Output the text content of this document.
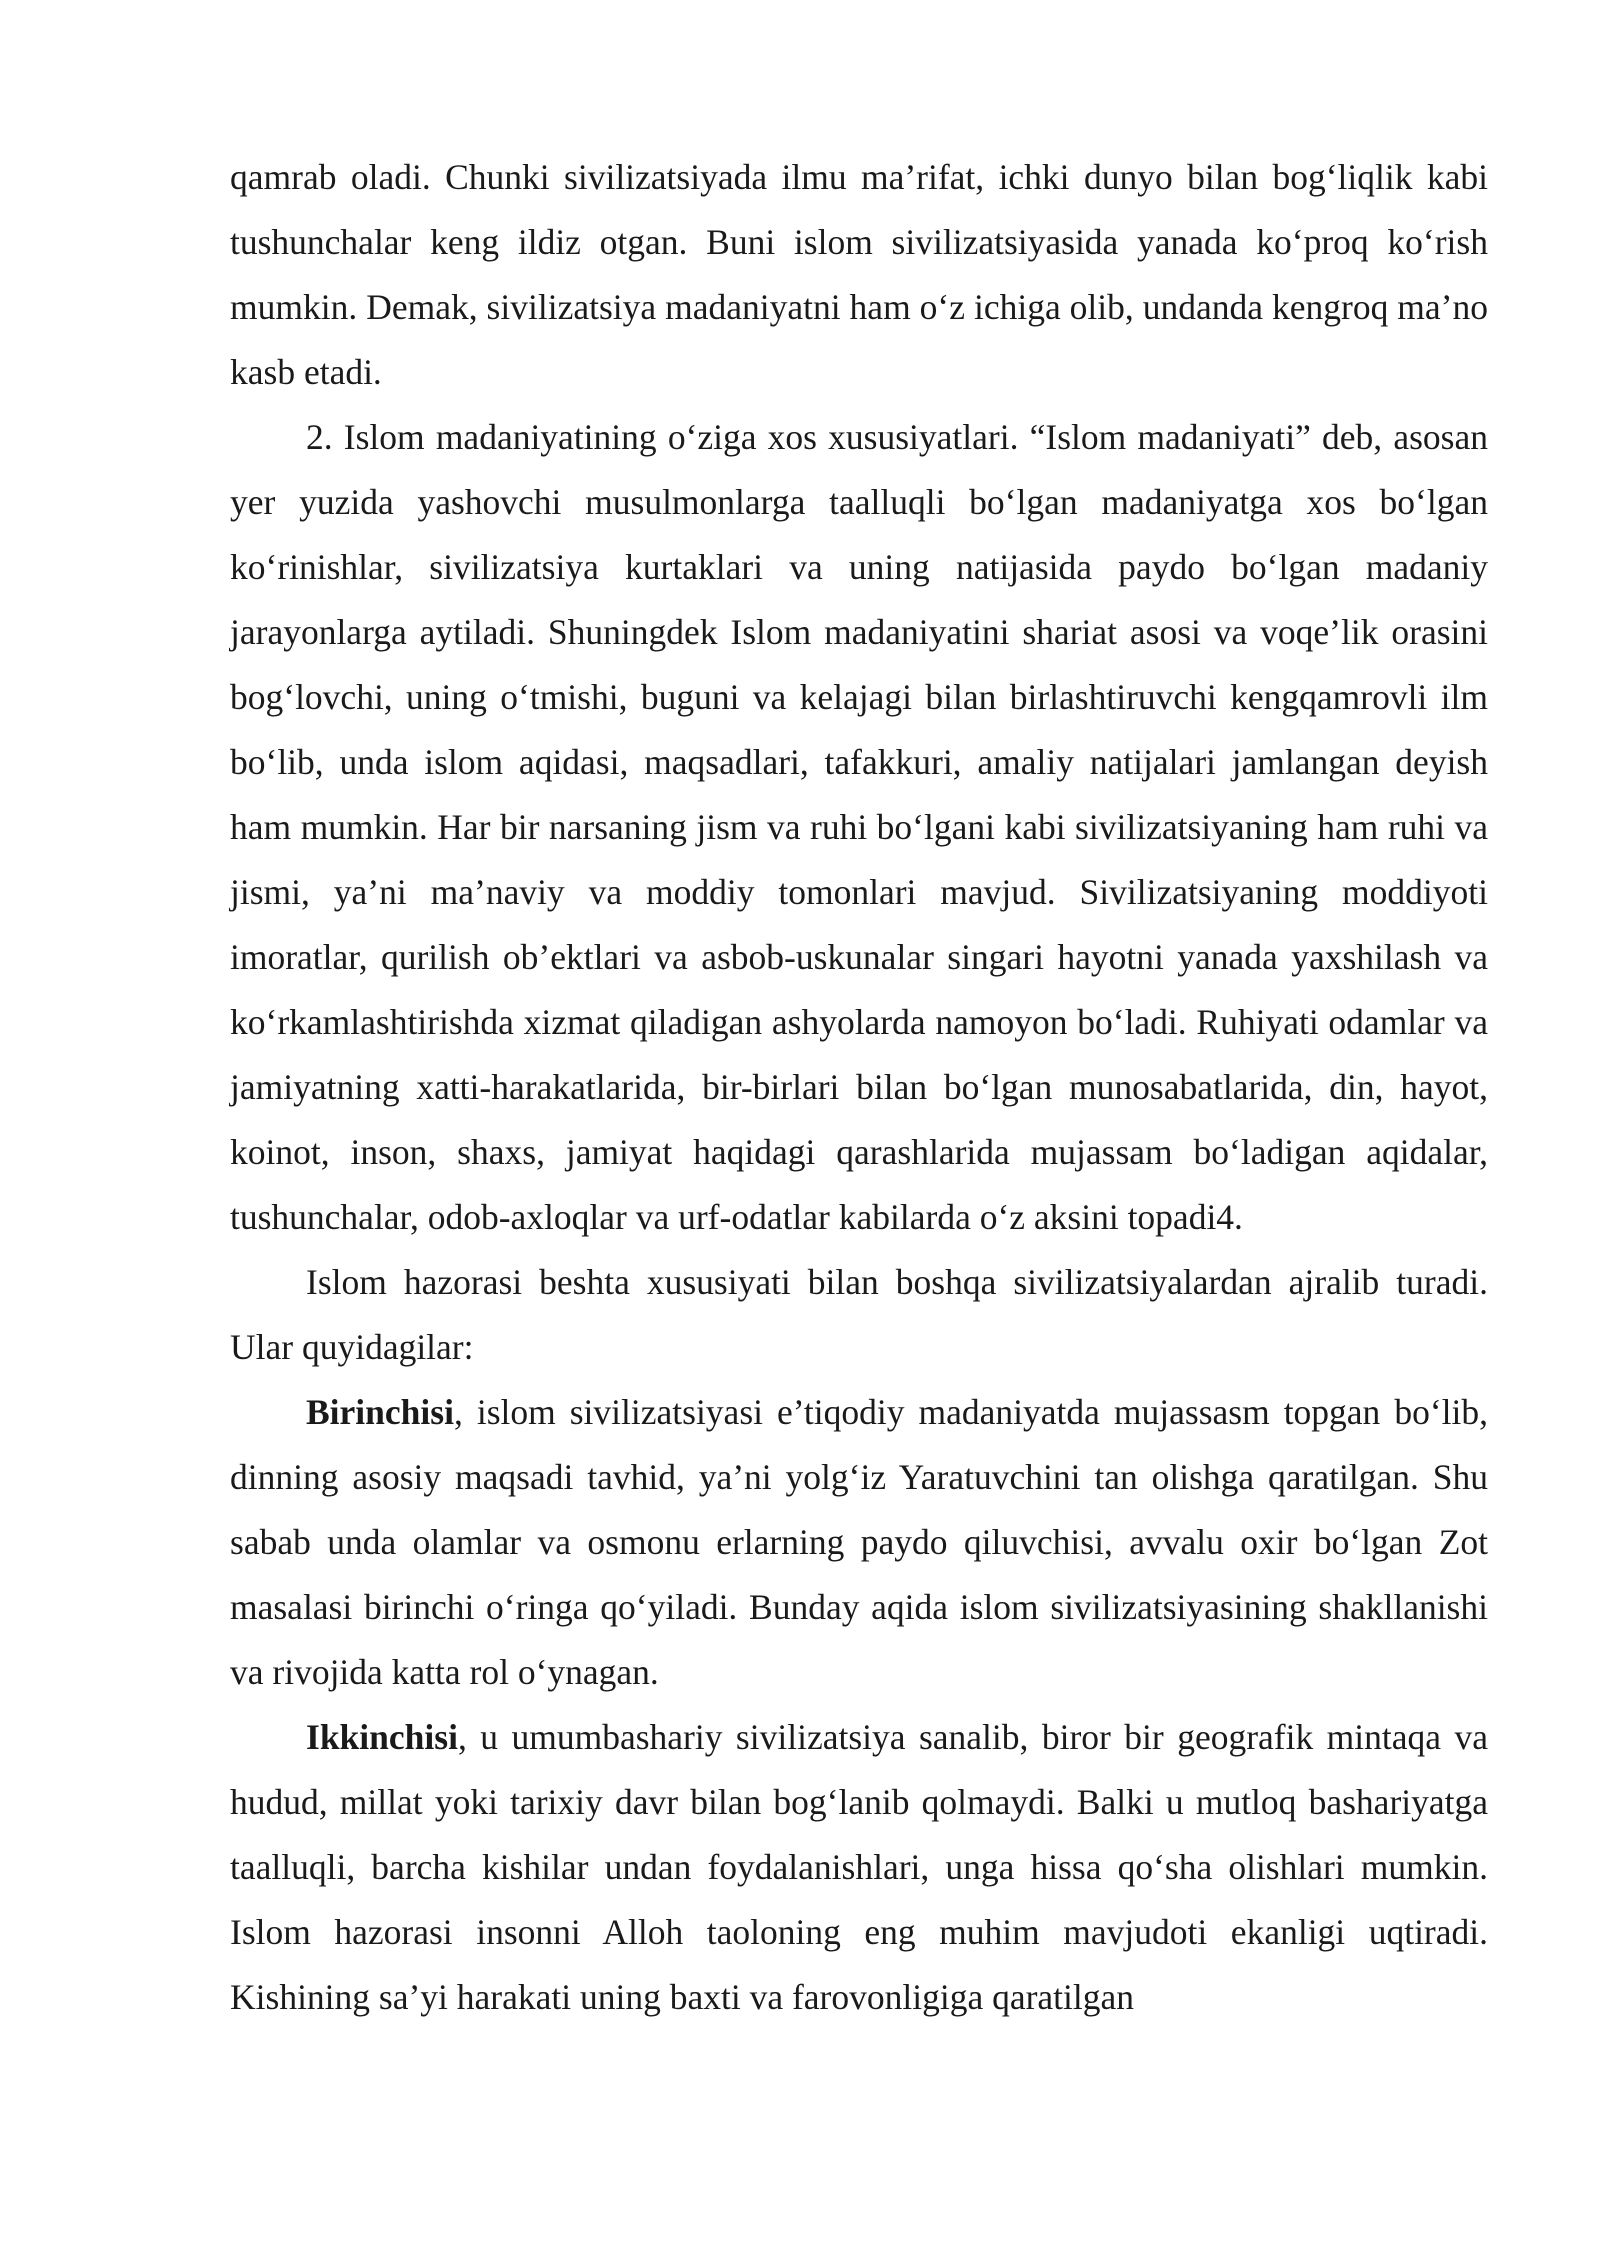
qamrab oladi. Chunki sivilizatsiyada ilmu ma’rifat, ichki dunyo bilan bog‘liqlik kabi tushunchalar keng ildiz otgan. Buni islom sivilizatsiyasida yanada ko‘proq ko‘rish mumkin. Demak, sivilizatsiya madaniyatni ham o‘z ichiga olib, undanda kengroq ma’no kasb etadi.

2. Islom madaniyatining o‘ziga xos xususiyatlari. “Islom madaniyati” deb, asosan yer yuzida yashovchi musulmonlarga taalluqli bo‘lgan madaniyatga xos bo‘lgan ko‘rinishlar, sivilizatsiya kurtaklari va uning natijasida paydo bo‘lgan madaniy jarayonlarga aytiladi. Shuningdek Islom madaniyatini shariat asosi va voqe’lik orasini bog‘lovchi, uning o‘tmishi, buguni va kelajagi bilan birlashtiruvchi kengqamrovli ilm bo‘lib, unda islom aqidasi, maqsadlari, tafakkuri, amaliy natijalari jamlangan deyish ham mumkin. Har bir narsaning jism va ruhi bo‘lgani kabi sivilizatsiyaning ham ruhi va jismi, ya’ni ma’naviy va moddiy tomonlari mavjud. Sivilizatsiyaning moddiyoti imoratlar, qurilish ob’ektlari va asbob-uskunalar singari hayotni yanada yaxshilash va ko‘rkamlashtirishda xizmat qiladigan ashyolarda namoyon bo‘ladi. Ruhiyati odamlar va jamiyatning xatti-harakatlarida, bir-birlari bilan bo‘lgan munosabatlarida, din, hayot, koinot, inson, shaxs, jamiyat haqidagi qarashlarida mujassam bo‘ladigan aqidalar, tushunchalar, odob-axloqlar va urf-odatlar kabilarda o‘z aksini topadi4.

Islom hazorasi beshta xususiyati bilan boshqa sivilizatsiyalardan ajralib turadi. Ular quyidagilar:

Birinchisi, islom sivilizatsiyasi e’tiqodiy madaniyatda mujassasm topgan bo‘lib, dinning asosiy maqsadi tavhid, ya’ni yolg‘iz Yaratuvchini tan olishga qaratilgan. Shu sabab unda olamlar va osmonu erlarning paydo qiluvchisi, avvalu oxir bo‘lgan Zot masalasi birinchi o‘ringa qo‘yiladi. Bunday aqida islom sivilizatsiyasining shakllanishi va rivojida katta rol o‘ynagan.

Ikkinchisi, u umumbashariy sivilizatsiya sanalib, biror bir geografik mintaqa va hudud, millat yoki tarixiy davr bilan bog‘lanib qolmaydi. Balki u mutloq bashariyatga taalluqli, barcha kishilar undan foydalanishlari, unga hissa qo‘sha olishlari mumkin. Islom hazorasi insonni Alloh taoloning eng muhim mavjudoti ekanligi uqtiradi. Kishining sa’yi harakati uning baxti va farovonligiga qaratilgan
